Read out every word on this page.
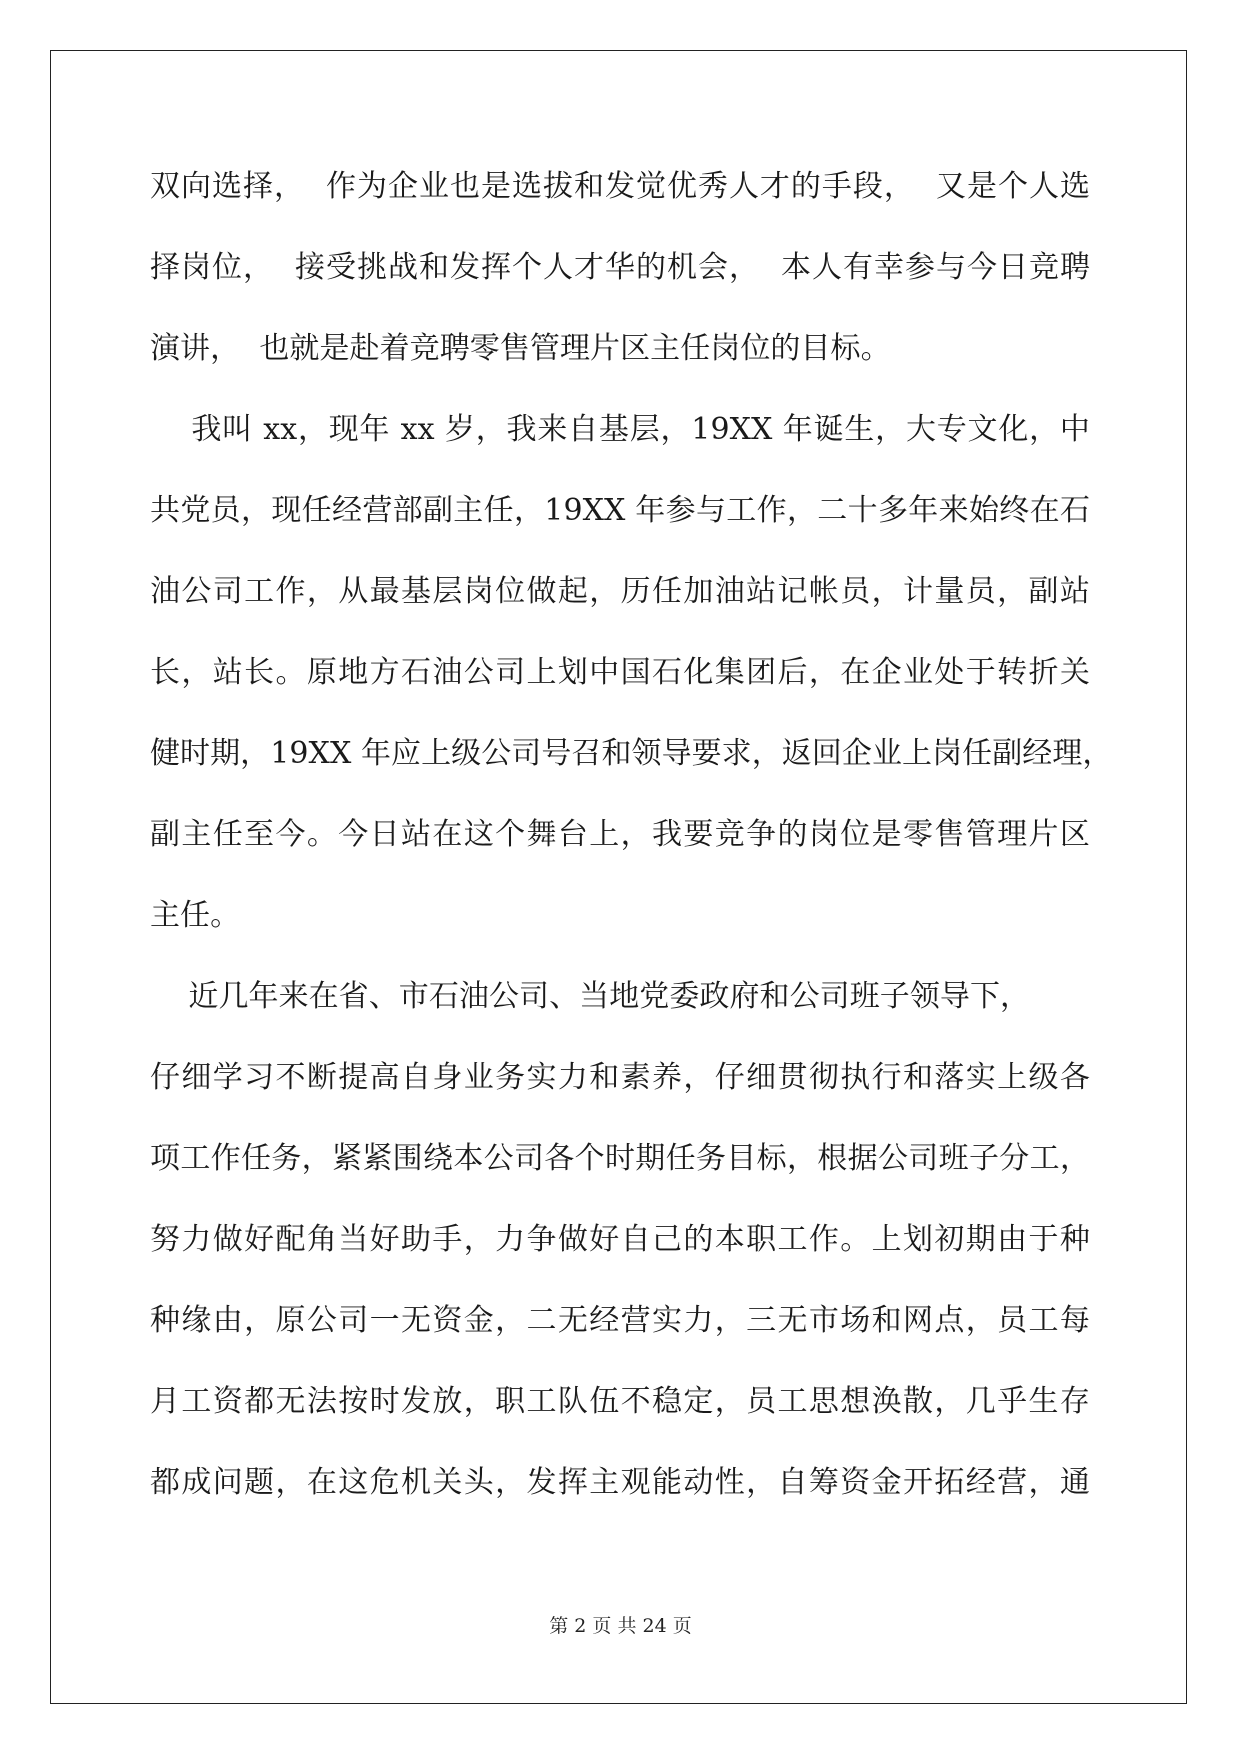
双向选择，  作为企业也是选拔和发觉优秀人才的手段，  又是个人选
择岗位，  接受挑战和发挥个人才华的机会，  本人有幸参与今日竞聘
演讲，  也就是赴着竞聘零售管理片区主任岗位的目标。
我叫 xx，现年 xx 岁，我来自基层，19XX 年诞生，大专文化，中
共党员，现任经营部副主任，19XX 年参与工作，二十多年来始终在石
油公司工作，从最基层岗位做起，历任加油站记帐员，计量员，副站
长，站长。原地方石油公司上划中国石化集团后，在企业处于转折关
健时期，19XX 年应上级公司号召和领导要求，返回企业上岗任副经理，
副主任至今。今日站在这个舞台上，我要竞争的岗位是零售管理片区
主任。
近几年来在省、市石油公司、当地党委政府和公司班子领导下，
仔细学习不断提高自身业务实力和素养，仔细贯彻执行和落实上级各
项工作任务，紧紧围绕本公司各个时期任务目标，根据公司班子分工，
努力做好配角当好助手，力争做好自己的本职工作。上划初期由于种
种缘由，原公司一无资金，二无经营实力，三无市场和网点，员工每
月工资都无法按时发放，职工队伍不稳定，员工思想涣散，几乎生存
都成问题，在这危机关头，发挥主观能动性，自筹资金开拓经营，通
第 2 页 共 24 页
